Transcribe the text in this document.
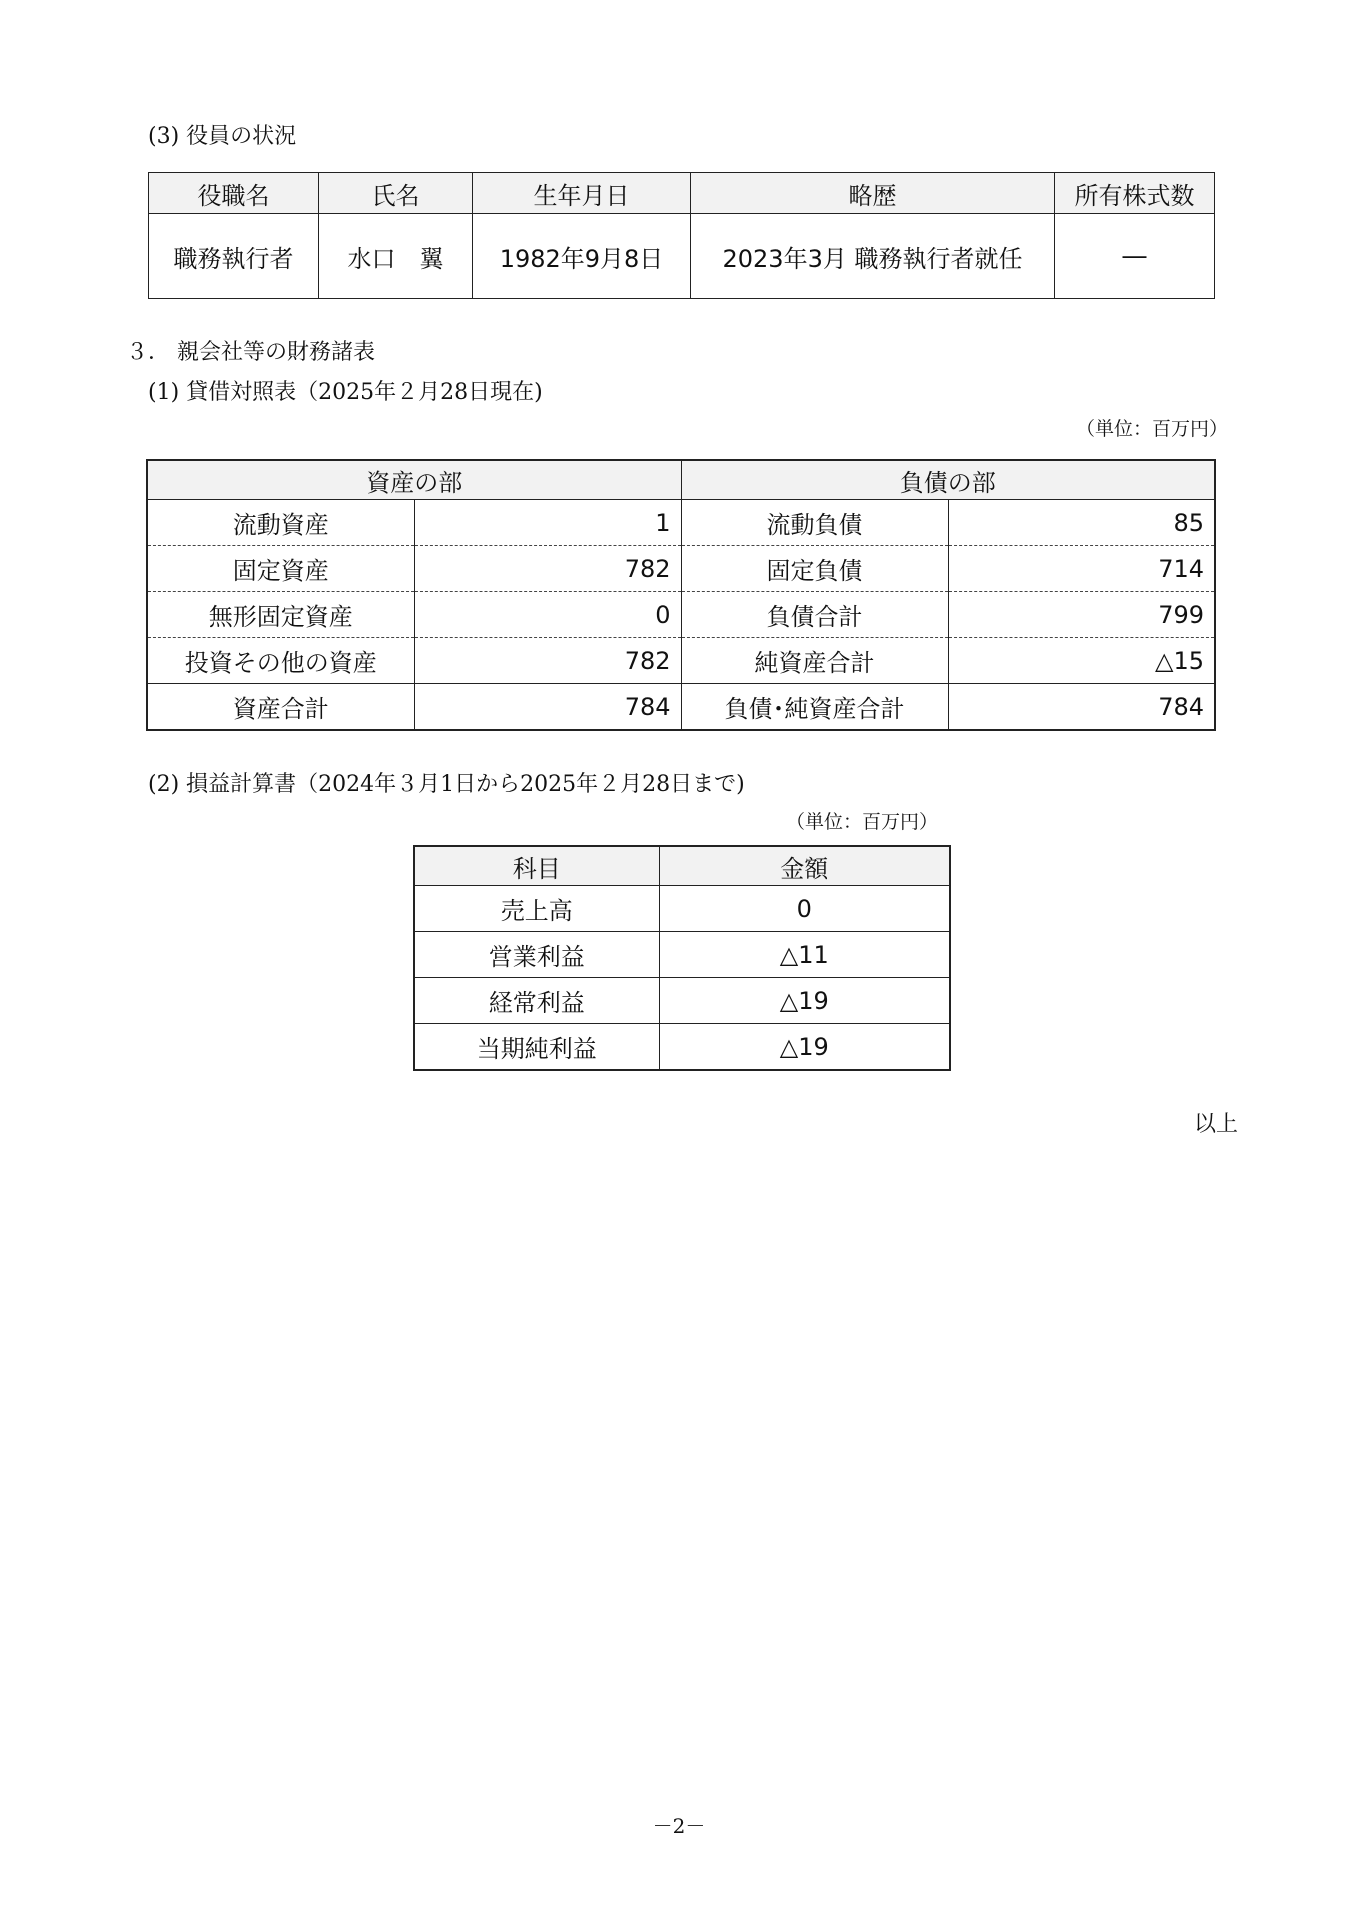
(3) 役員の状況
役職名	氏名	生年月日	略歴	所有株式数
職務執行者	水口　翼	1982年9月8日	2023年3月 職務執行者就任	―
３． 親会社等の財務諸表
(1) 貸借対照表（2025年２月28日現在)
（単位：百万円）
資産の部		負債の部	
流動資産	1	流動負債	85
固定資産	782	固定負債	714
無形固定資産	0	負債合計	799
投資その他の資産	782	純資産合計	△15
資産合計	784	負債･純資産合計	784
(2) 損益計算書（2024年３月1日から2025年２月28日まで)
（単位：百万円）
科目	金額
売上高	0
営業利益	△11
経常利益	△19
当期純利益	△19
以上
－2－
